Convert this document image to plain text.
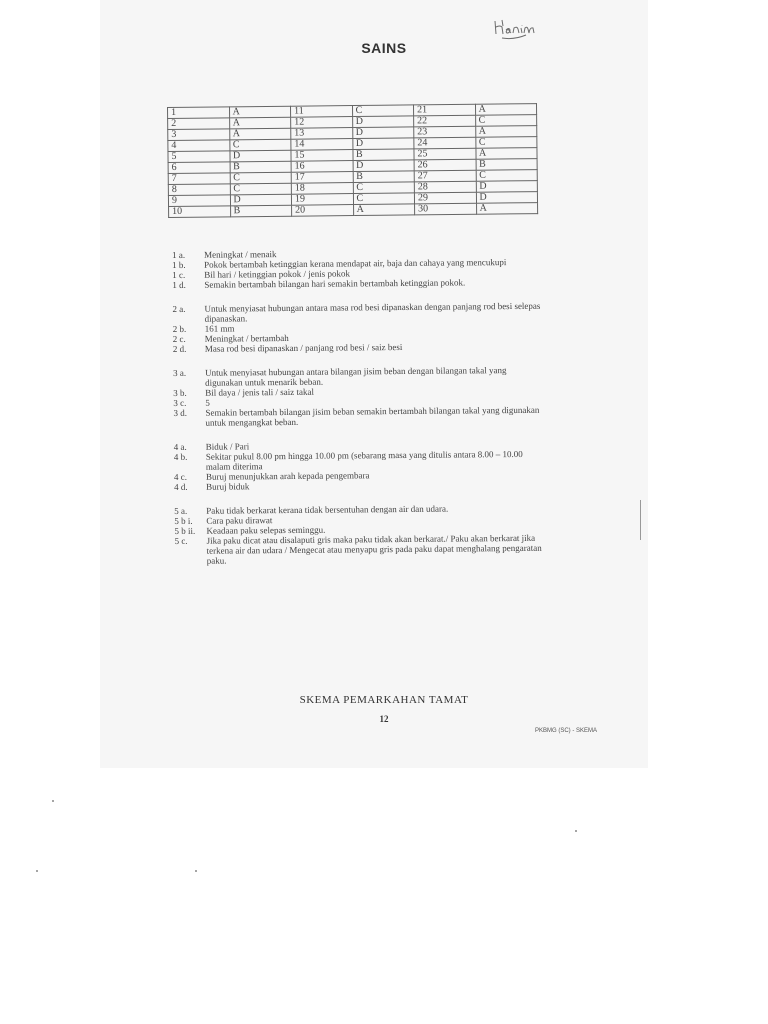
SAINS
1	A	11	C	21	A
2	A	12	D	22	C
3	A	13	D	23	A
4	C	14	D	24	C
5	D	15	B	25	A
6	B	16	D	26	B
7	C	17	B	27	C
8	C	18	C	28	D
9	D	19	C	29	D
10	B	20	A	30	A
1 a.	Meningkat / menaik
1 b.	Pokok bertambah ketinggian kerana mendapat air, baja dan cahaya yang mencukupi
1 c.	Bil hari / ketinggian pokok / jenis pokok
1 d.	Semakin bertambah bilangan hari semakin bertambah ketinggian pokok.
2 a.	Untuk menyiasat hubungan antara masa rod besi dipanaskan dengan panjang rod besi selepas dipanaskan.
2 b.	161 mm
2 c.	Meningkat / bertambah
2 d.	Masa rod besi dipanaskan / panjang rod besi / saiz besi
3 a.	Untuk menyiasat hubungan antara bilangan jisim beban dengan bilangan takal yang digunakan untuk menarik beban.
3 b.	Bil daya / jenis tali / saiz takal
3 c.	5
3 d.	Semakin bertambah bilangan jisim beban semakin bertambah bilangan takal yang digunakan untuk mengangkat beban.
4 a.	Biduk / Pari
4 b.	Sekitar pukul 8.00 pm hingga 10.00 pm (sebarang masa yang ditulis antara 8.00 – 10.00 malam diterima
4 c.	Buruj menunjukkan arah kepada pengembara
4 d.	Buruj biduk
5 a.	Paku tidak berkarat kerana tidak bersentuhan dengan air dan udara.
5 b i.	Cara paku dirawat
5 b ii.	Keadaan paku selepas seminggu.
5 c.	Jika paku dicat atau disalaputi gris maka paku tidak akan berkarat./ Paku akan berkarat jika terkena air dan udara / Mengecat atau menyapu gris pada paku dapat menghalang pengaratan paku.
SKEMA PEMARKAHAN TAMAT
12
PKBMG (SC) - SKEMA
